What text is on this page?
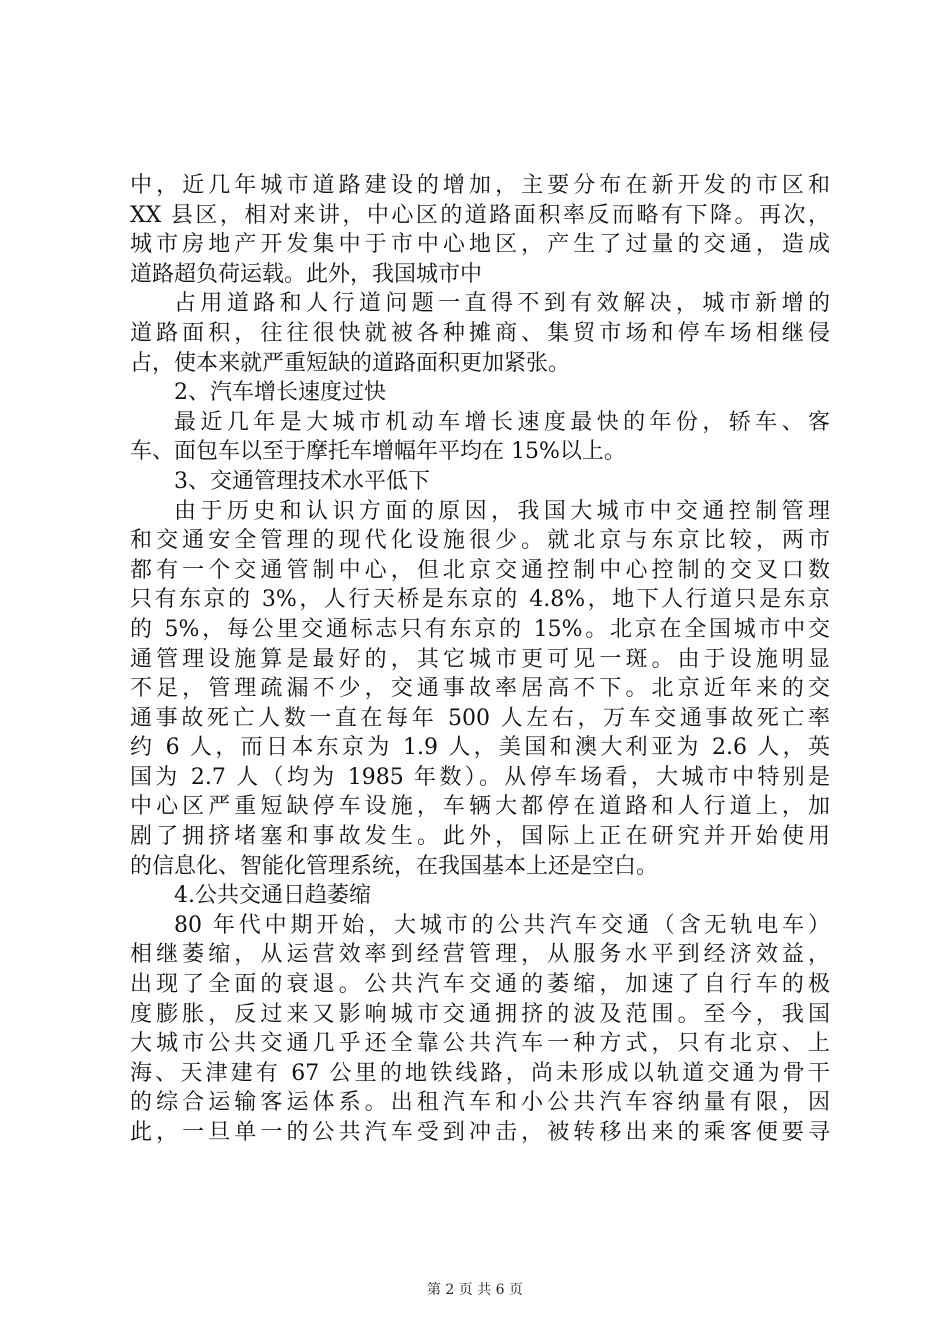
中，近几年城市道路建设的增加，主要分布在新开发的市区和
XX 县区，相对来讲，中心区的道路面积率反而略有下降。再次，
城市房地产开发集中于市中心地区，产生了过量的交通，造成
道路超负荷运载。此外，我国城市中
占用道路和人行道问题一直得不到有效解决，城市新增的
道路面积，往往很快就被各种摊商、集贸市场和停车场相继侵
占，使本来就严重短缺的道路面积更加紧张。
2、汽车增长速度过快
最近几年是大城市机动车增长速度最快的年份，轿车、客
车、面包车以至于摩托车增幅年平均在 15%以上。
3、交通管理技术水平低下
由于历史和认识方面的原因，我国大城市中交通控制管理
和交通安全管理的现代化设施很少。就北京与东京比较，两市
都有一个交通管制中心，但北京交通控制中心控制的交叉口数
只有东京的 3%，人行天桥是东京的 4.8%，地下人行道只是东京
的 5%，每公里交通标志只有东京的 15%。北京在全国城市中交
通管理设施算是最好的，其它城市更可见一斑。由于设施明显
不足，管理疏漏不少，交通事故率居高不下。北京近年来的交
通事故死亡人数一直在每年 500 人左右，万车交通事故死亡率
约 6 人，而日本东京为 1.9 人，美国和澳大利亚为 2.6 人，英
国为 2.7 人（均为 1985 年数）。从停车场看，大城市中特别是
中心区严重短缺停车设施，车辆大都停在道路和人行道上，加
剧了拥挤堵塞和事故发生。此外，国际上正在研究并开始使用
的信息化、智能化管理系统，在我国基本上还是空白。
4.公共交通日趋萎缩
80 年代中期开始，大城市的公共汽车交通（含无轨电车）
相继萎缩，从运营效率到经营管理，从服务水平到经济效益，
出现了全面的衰退。公共汽车交通的萎缩，加速了自行车的极
度膨胀，反过来又影响城市交通拥挤的波及范围。至今，我国
大城市公共交通几乎还全靠公共汽车一种方式，只有北京、上
海、天津建有 67 公里的地铁线路，尚未形成以轨道交通为骨干
的综合运输客运体系。出租汽车和小公共汽车容纳量有限，因
此，一旦单一的公共汽车受到冲击，被转移出来的乘客便要寻
第 2 页 共 6 页
